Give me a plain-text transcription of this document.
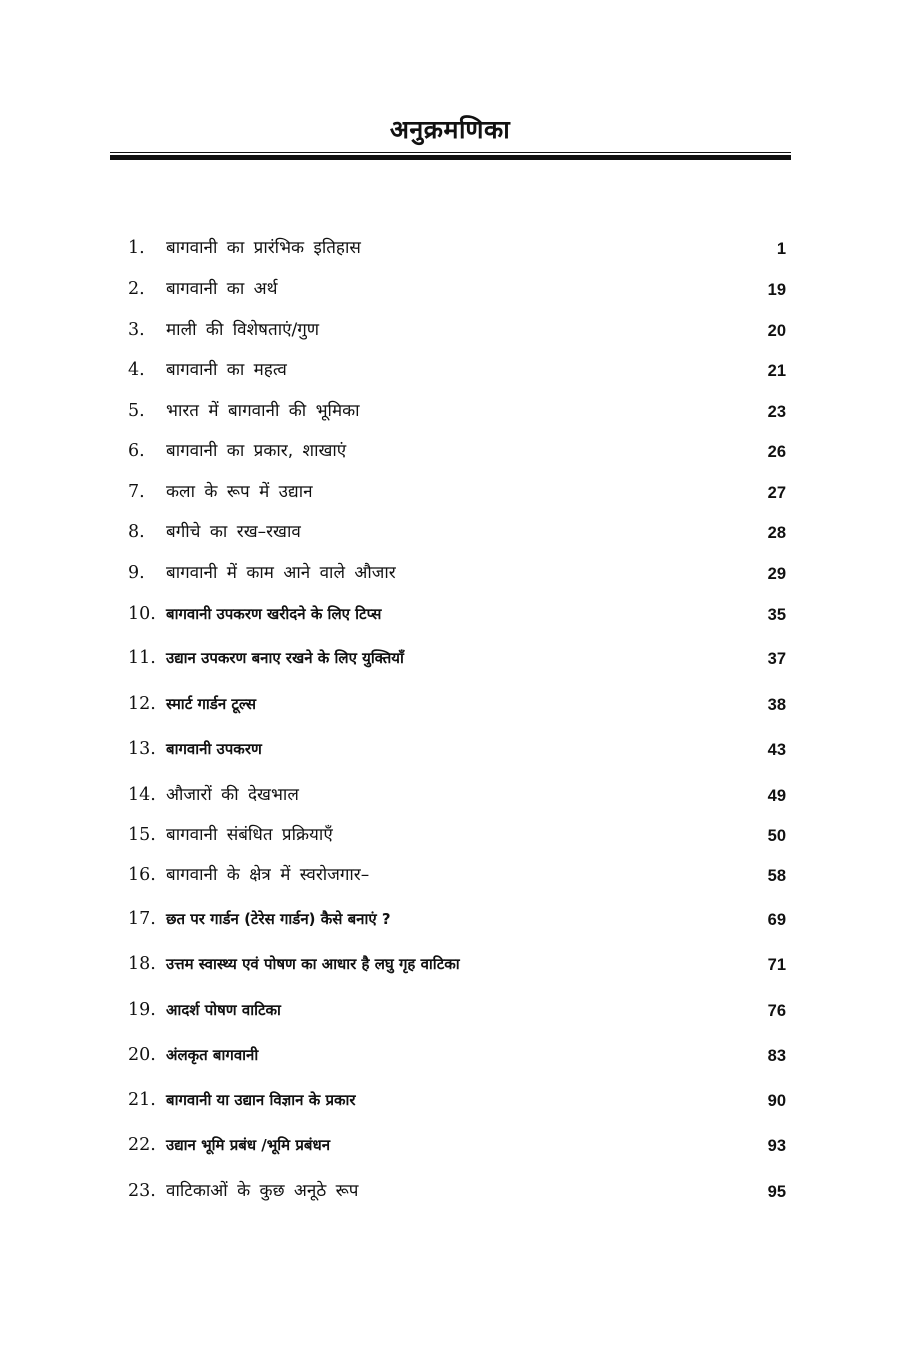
अनुक्रमणिका
1. बागवानी का प्रारंभिक इतिहास	1
2. बागवानी का अर्थ	19
3. माली की विशेषताएं/गुण	20
4. बागवानी का महत्व	21
5. भारत में बागवानी की भूमिका	23
6. बागवानी का प्रकार, शाखाएं	26
7. कला के रूप में उद्यान	27
8. बगीचे का रख–रखाव	28
9. बागवानी में काम आने वाले औजार	29
10. बागवानी उपकरण खरीदने के लिए टिप्स	35
11. उद्यान उपकरण बनाए रखने के लिए युक्तियाँ	37
12. स्मार्ट गार्डन टूल्स	38
13. बागवानी उपकरण	43
14. औजारों की देखभाल	49
15. बागवानी संबंधित प्रक्रियाएँ	50
16. बागवानी के क्षेत्र में स्वरोजगार–	58
17. छत पर गार्डन (टेरेस गार्डन) कैसे बनाएं ?	69
18. उत्तम स्वास्थ्य एवं पोषण का आधार है लघु गृह वाटिका	71
19. आदर्श पोषण वाटिका	76
20. अंलकृत बागवानी	83
21. बागवानी या उद्यान विज्ञान के प्रकार	90
22. उद्यान भूमि प्रबंध /भूमि प्रबंधन	93
23. वाटिकाओं के कुछ अनूठे रूप	95
